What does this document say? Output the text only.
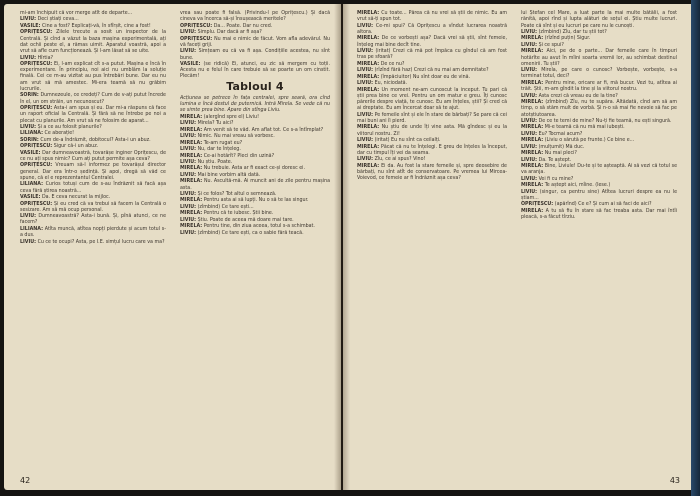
mi-am închipuit că vor merge atît de departe...

LIVIU: Deci știați ceva...

VASILE: Cine a fost? Explicați-vă, în sfîrșit, cine a fost!

OPRIȚESCU: Zilele trecute a sosit un inspector de la Centrală. Și cînd a văzut la baza mașina experimentală, ați dat ochii peste el, a rămas uimit. Aparatul voastră, apoi a vrut să afle cum funcționează. Și l-am lăsat să se uite.

LIVIU: Hîrtia?

OPRIȚESCU: Ei, l-am explicat cît s-a putut. Mașina e încă în experimentare. În principiu, noi aici nu umblăm la soluție finală. Cei ce m-au vizitat au pus întrebări bune. Dar eu nu am vrut să mă amestec. Mi-era teamă să nu grăbim lucrurile.

SORIN: Dumnezeule, ce credeți? Cum de v-ați putut încrede în el, un om străin, un necunoscut?

OPRIȚESCU: Asta-i am spus și eu. Dar mi-a răspuns că face un raport oficial la Centrală. Și fără să ne întrebe pe noi a plecat cu planurile. Am vrut să ne folosim de aparat...

LIVIU: Și a ce au folosit planurile?

LILIANA: Ce aberație!

SORIN: Cum de-a îndrăznit, dobitocul? Asta-i un abuz.

OPRIȚESCU: Sigur că-i un abuz.

VASILE: Dar dumneavoastră, tovarășe inginer Oprițescu, de ce nu ați spus nimic? Cum ați putut permite așa ceva?

OPRIȚESCU: Vreuam să-l informez pe tovarășul director general. Dar era într-o ședință. Și apoi, dregă să văd ce spune, că el e reprezentantul Centralei.

LILIANA: Curios totuși cum de s-au îndrăznit să facă așa ceva fără știrea noastră...

VASILE: Da. E ceva necurat la mijloc.

OPRIȚESCU: Și eu cred că va trebui să facem la Centrală o sesizare. Am să mă ocup personal.

LIVIU: Dumneavoastră? Asta-i bună. Și, pînă atunci, ce ne facem?

LILIANA: Atîta muncă, atîtea nopți pierdute și acum totul s-a dus.

LIVIU: Cu ce te ocupi? Asta, pe I.E. simțul lucru care va ma?

vrea sau poate fi falsă. (Privindu-l pe Oprițescu.) Și dacă cineva va încerca să-și însușească meritele?

OPRIȚESCU: Da... Poate. Dar nu cred.

LIVIU: Simplu. Dar dacă ar fi așa?

OPRIȚESCU: Nu mai e nimic de făcut. Vom afla adevărul. Nu vă faceți griji.

LIVIU: Simțeam eu că va fi așa. Condițiile acestea, nu sînt bune.

VASILE: (se ridică) Ei, atunci, eu zic să mergem cu toții. Acesta nu e felul în care trebuie să se poarte un om cinstit. Plecăm!

Tabloul 4

Acțiunea se petrece în fața centralei, spre seară, ora cînd lumina e încă destul de puternică. Intră Mirela. Se vede că nu se simte prea bine. Apare din stînga Liviu.

MIRELA: (alergînd spre el) Liviu!

LIVIU: Mirela? Tu aici?

MIRELA: Am venit să te văd. Am aflat tot. Ce s-a întîmplat?

LIVIU: Nimic. Nu mai vreau să vorbesc.

MIRELA: Te-am rugat eu?

LIVIU: Nu, dar te înțeleg.

MIRELA: Ce-ai hotărît? Pleci din uzină?

LIVIU: Nu știu. Poate.

MIRELA: Nu trebuie. Asta ar fi exact ce-și doresc ei.

LIVIU: Mai bine vorbim altă dată.

MIRELA: Nu. Ascultă-mă. Ai muncit ani de zile pentru mașina asta.

LIVIU: Și ce folos? Tot altul o semnează.

MIRELA: Pentru asta ai să lupți. Nu o să te las singur.

LIVIU: (zîmbind) Ce tare ești...

MIRELA: Pentru că te iubesc. Știi bine.

LIVIU: Știu. Poate de aceea mă doare mai tare.

MIRELA: Pentru tine, din ziua aceea, totul s-a schimbat.

LIVIU: (zîmbind) Ce tare ești, ca o sabie fără teacă.

42

MIRELA: Cu toate... Părea că nu vrei să știi de nimic. Eu am vrut să-ți spun tot.

LIVIU: Ce-mi spui? Că Oprițescu a vîndut lucrarea noastră altora.

MIRELA: De ce vorbești așa? Dacă vrei să știi, sînt femeie, înțeleg mai bine decît tine.

LIVIU: (iritat) Crezi că mă pot împăca cu gîndul că am fost tras pe sfoară?

MIRELA: De ce nu?

LIVIU: (rîzînd fără haz) Crezi că nu mai am demnitate?

MIRELA: (împăciuitor) Nu sînt doar eu de vină.

LIVIU: Eu, niciodată.

MIRELA: Un moment ne-am cunoscut la inceput. Tu pari că știi prea bine ce vrei. Pentru un om matur e greu. Îți cunosc părerile despre viață, te cunosc. Eu am înțeles, știi? Și cred că ai dreptate. Eu am încercat doar să te ajut.

LIVIU: Pe femeile sînt și ele în stare de bărbați? Se pare că cei mai buni ani îi pierd.

MIRELA: Nu știu de unde îți vine asta. Mă gîndesc și eu la viitorul nostru. Zi!

LIVIU: (iritat) Eu nu sînt ca ceilalți.

MIRELA: Păcat că nu te înțelegi. E greu de înțeles la început, dar cu timpul îți vei da seama.

LIVIU: Zîu, ce ai spus? Vino!

MIRELA: Ei da. Au fost la stare femeile și, spre deosebire de bărbați, nu sînt atît de conservatoare. Pe vremea lui Mircea-Voievod, ce femeie ar fi îndrăznit așa ceva?

lui Ștefan cel Mare, a luat parte la mai multe bătălii, a fost rănită, apoi rînd și lupta alături de soțul ei. Știu multe lucruri. Poate că sînt și eu lucruri pe care nu le cunoști.

LIVIU: (zîmbind) Zîu, dar tu știi tot?

MIRELA: (rîzînd puțin) Sigur.

LIVIU: Și ce spui?

MIRELA: Aici, pe de o parte... Dar femeile care în timpuri hotărîte au avut în mîini soarta vremii lor, au schimbat destinul omenirii. Tu știi?

LIVIU: Mirela, pe care o cunosc? Vorbește, vorbește, s-a terminat totul, deci?

MIRELA: Pentru mine, oricare ar fi, mă bucur. Vezi tu, atîtea ai trăit. Știi, m-am gîndit la tine și la viitorul nostru.

LIVIU: Asta crezi că vreau eu de la tine?

MIRELA: (zîmbind) Zîu, nu te supăra. Altădată, cînd am să am timp, o să stăm mult de vorbă. Și n-o să mai fie nevoie să fac pe atotștiutoarea.

LIVIU: De ce te temi de mine? Nu-ți fie teamă, nu ești singură.

MIRELA: Mi-e teamă că nu mă mai iubești.

LIVIU: Eu? Tocmai acum?

MIRELA: (Liviu o sărută pe frunte.) Ce bine e...

LIVIU: (mulțumit) Mă duc.

MIRELA: Nu mai pleci?

LIVIU: Da. Te aștept.

MIRELA: Bine, Liviule! Du-te și te așteaptă. Ai să vezi că totul se va aranja.

LIVIU: Vei fi cu mine?

MIRELA: Te aștept aici, mîine. (Iese.)

LIVIU: (singur, ca pentru sine) Atîtea lucruri despre ea nu le știam...

OPRIȚESCU: (apărînd) Ce e? Și cum ai să faci de aici?

MIRELA: A tu să fiu în stare să fac treaba asta. Dar mai întîi pleacă, s-a făcut tîrziu.

43
